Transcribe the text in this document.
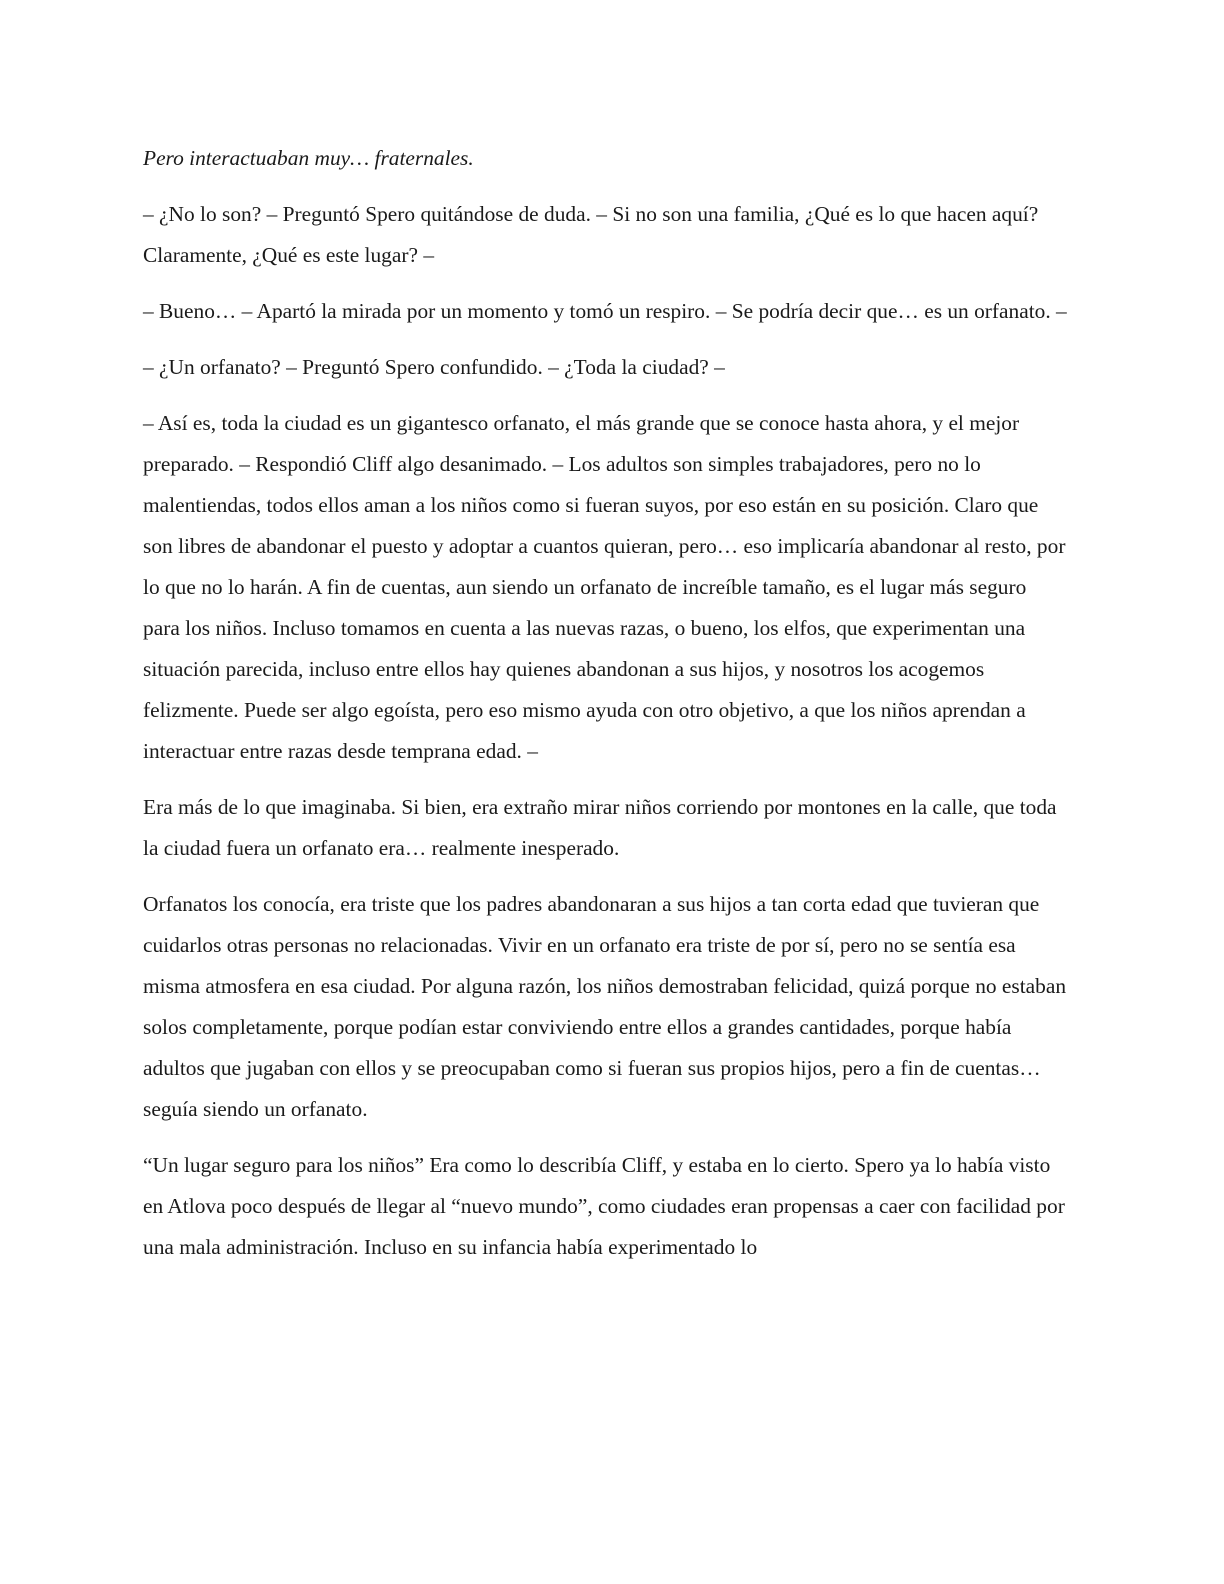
Pero interactuaban muy… fraternales.

– ¿No lo son? – Preguntó Spero quitándose de duda. – Si no son una familia, ¿Qué es lo que hacen aquí? Claramente, ¿Qué es este lugar? –

– Bueno… – Apartó la mirada por un momento y tomó un respiro. – Se podría decir que… es un orfanato. –

– ¿Un orfanato? – Preguntó Spero confundido. – ¿Toda la ciudad? –

– Así es, toda la ciudad es un gigantesco orfanato, el más grande que se conoce hasta ahora, y el mejor preparado. – Respondió Cliff algo desanimado. – Los adultos son simples trabajadores, pero no lo malentiendas, todos ellos aman a los niños como si fueran suyos, por eso están en su posición. Claro que son libres de abandonar el puesto y adoptar a cuantos quieran, pero… eso implicaría abandonar al resto, por lo que no lo harán. A fin de cuentas, aun siendo un orfanato de increíble tamaño, es el lugar más seguro para los niños. Incluso tomamos en cuenta a las nuevas razas, o bueno, los elfos, que experimentan una situación parecida, incluso entre ellos hay quienes abandonan a sus hijos, y nosotros los acogemos felizmente. Puede ser algo egoísta, pero eso mismo ayuda con otro objetivo, a que los niños aprendan a interactuar entre razas desde temprana edad. –

Era más de lo que imaginaba. Si bien, era extraño mirar niños corriendo por montones en la calle, que toda la ciudad fuera un orfanato era… realmente inesperado.

Orfanatos los conocía, era triste que los padres abandonaran a sus hijos a tan corta edad que tuvieran que cuidarlos otras personas no relacionadas. Vivir en un orfanato era triste de por sí, pero no se sentía esa misma atmosfera en esa ciudad. Por alguna razón, los niños demostraban felicidad, quizá porque no estaban solos completamente, porque podían estar conviviendo entre ellos a grandes cantidades, porque había adultos que jugaban con ellos y se preocupaban como si fueran sus propios hijos, pero a fin de cuentas… seguía siendo un orfanato.

“Un lugar seguro para los niños” Era como lo describía Cliff, y estaba en lo cierto. Spero ya lo había visto en Atlova poco después de llegar al “nuevo mundo”, como ciudades eran propensas a caer con facilidad por una mala administración. Incluso en su infancia había experimentado lo
